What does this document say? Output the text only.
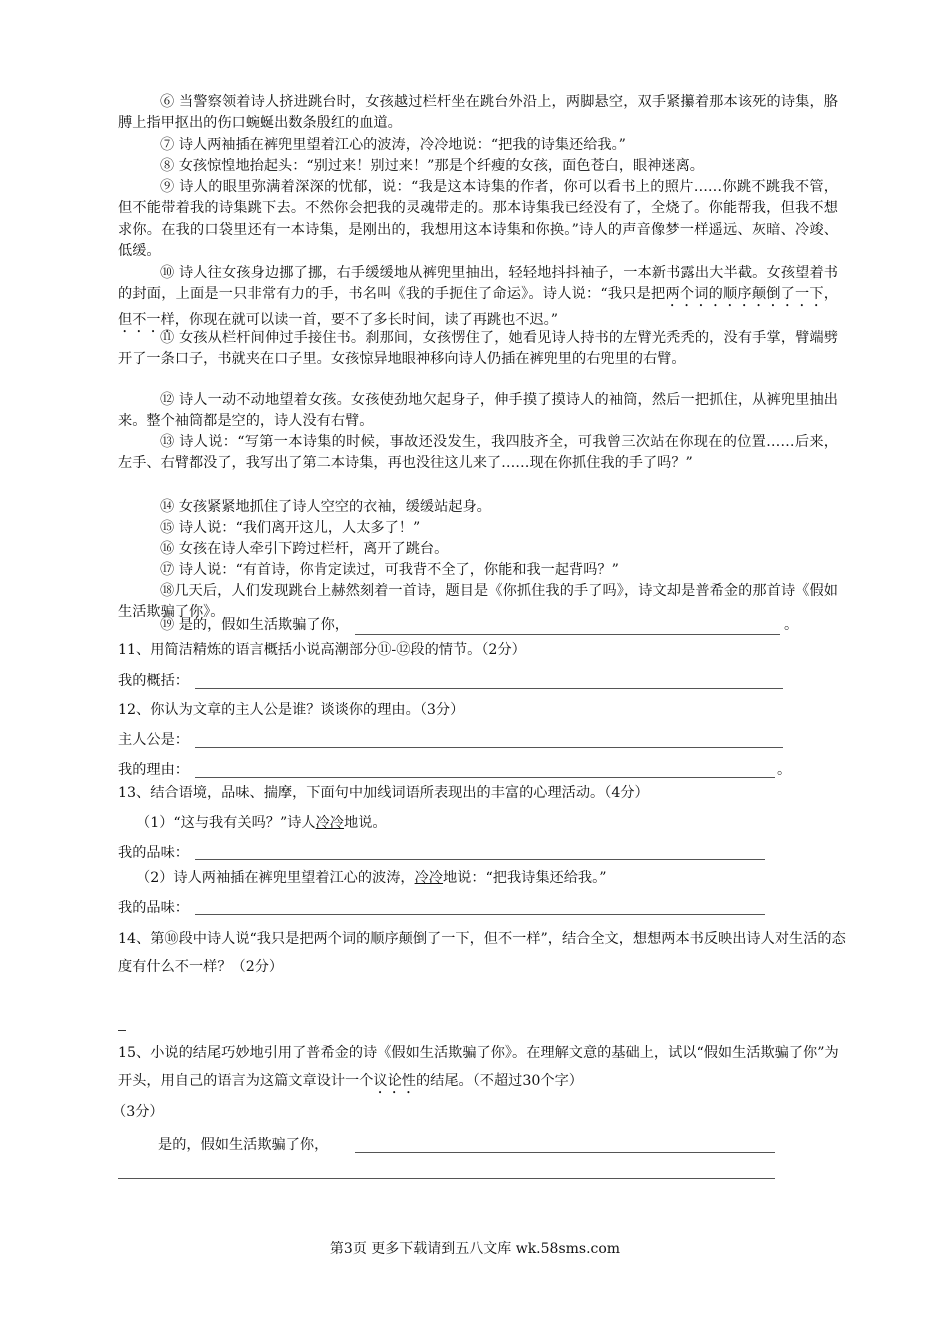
⑥ 当警察领着诗人挤进跳台时，女孩越过栏杆坐在跳台外沿上，两脚悬空，双手紧攥着那本该死的诗集，胳膊上指甲抠出的伤口蜿蜒出数条殷红的血道。

⑦ 诗人两袖插在裤兜里望着江心的波涛，冷冷地说：“把我的诗集还给我。”

⑧ 女孩惊惶地抬起头：“别过来！别过来！”那是个纤瘦的女孩，面色苍白，眼神迷离。

⑨ 诗人的眼里弥满着深深的忧郁，说：“我是这本诗集的作者，你可以看书上的照片……你跳不跳我不管，但不能带着我的诗集跳下去。不然你会把我的灵魂带走的。那本诗集我已经没有了，全烧了。你能帮我，但我不想求你。在我的口袋里还有一本诗集，是刚出的，我想用这本诗集和你换。”诗人的声音像梦一样遥远、灰暗、冷竣、低缓。

⑩ 诗人往女孩身边挪了挪，右手缓缓地从裤兜里抽出，轻轻地抖抖袖子，一本新书露出大半截。女孩望着书的封面，上面是一只非常有力的手，书名叫《我的手扼住了命运》。诗人说：“我只是把两个词的顺序颠倒了一下，但不一样，你现在就可以读一首，要不了多长时间，读了再跳也不迟。”

⑪ 女孩从栏杆间伸过手接住书。刹那间，女孩愣住了，她看见诗人持书的左臂光秃秃的，没有手掌，臂端劈开了一条口子，书就夹在口子里。女孩惊异地眼神移向诗人仍插在裤兜里的右兜里的右臂。

⑫ 诗人一动不动地望着女孩。女孩使劲地欠起身子，伸手摸了摸诗人的袖筒，然后一把抓住，从裤兜里抽出来。整个袖筒都是空的，诗人没有右臂。

⑬ 诗人说：“写第一本诗集的时候，事故还没发生，我四肢齐全，可我曾三次站在你现在的位置……后来，左手、右臂都没了，我写出了第二本诗集，再也没往这儿来了……现在你抓住我的手了吗？”

⑭ 女孩紧紧地抓住了诗人空空的衣袖，缓缓站起身。

⑮ 诗人说：“我们离开这儿，人太多了！”

⑯ 女孩在诗人牵引下跨过栏杆，离开了跳台。

⑰ 诗人说：“有首诗，你肯定读过，可我背不全了，你能和我一起背吗？”

⑱几天后，人们发现跳台上赫然刻着一首诗，题目是《你抓住我的手了吗》，诗文却是普希金的那首诗《假如生活欺骗了你》。

⑲ 是的，假如生活欺骗了你，	。

11、用简洁精炼的语言概括小说高潮部分⑪-⑫段的情节。（2分）

我的概括：

12、你认为文章的主人公是谁？谈谈你的理由。（3分）

主人公是：
我的理由：	。

13、结合语境，品味、揣摩，下面句中加线词语所表现出的丰富的心理活动。（4分）

（1）“这与我有关吗？”诗人冷冷地说。
我的品味：
（2）诗人两袖插在裤兜里望着江心的波涛，冷冷地说：“把我诗集还给我。”
我的品味：

14、第⑩段中诗人说“我只是把两个词的顺序颠倒了一下，但不一样”，结合全文，想想两本书反映出诗人对生活的态度有什么不一样？（2分）

15、小说的结尾巧妙地引用了普希金的诗《假如生活欺骗了你》。在理解文意的基础上，试以“假如生活欺骗了你”为开头，用自己的语言为这篇文章设计一个议论性的结尾。（不超过30个字）

（3分）
是的，假如生活欺骗了你，
第3页 更多下载请到五八文库 wk.58sms.com
